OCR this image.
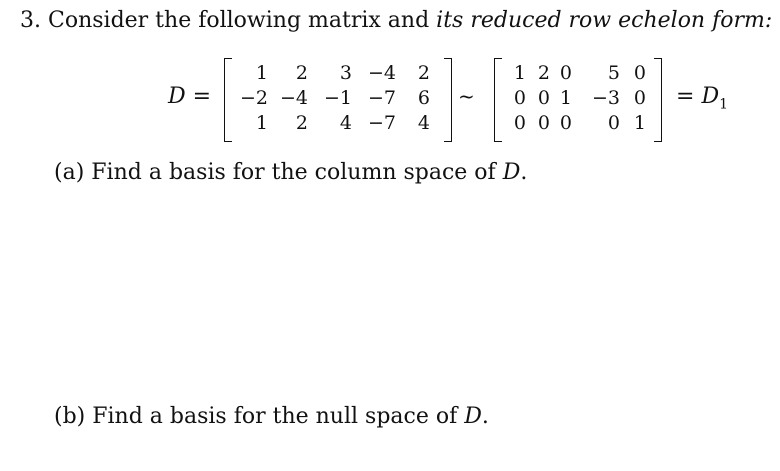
3. Consider the following matrix and its reduced row echelon form:
D =
1	2	3 −4	2
−2 −4 −1 −7	6
1	2	4 −7	4
~
1 2 0	5 0
0 0 1	−3 0
0 0 0	0 1
= $D_1$
(a) Find a basis for the column space of D.
(b) Find a basis for the null space of D.
